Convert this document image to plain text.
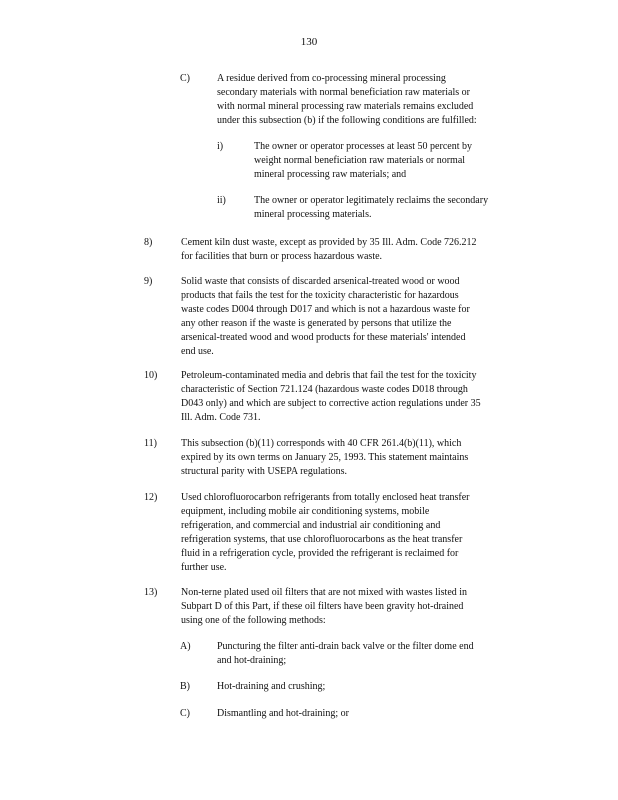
130
C)	A residue derived from co-processing mineral processing

secondary materials with normal beneficiation raw materials or

with normal mineral processing raw materials remains excluded

under this subsection (b) if the following conditions are fulfilled:

i)	The owner or operator processes at least 50 percent by

weight normal beneficiation raw materials or normal

mineral processing raw materials; and

ii)	The owner or operator legitimately reclaims the secondary

mineral processing materials.

8)	Cement kiln dust waste, except as provided by 35 Ill. Adm. Code 726.212

for facilities that burn or process hazardous waste.

9)	Solid waste that consists of discarded arsenical-treated wood or wood

products that fails the test for the toxicity characteristic for hazardous

waste codes D004 through D017 and which is not a hazardous waste for

any other reason if the waste is generated by persons that utilize the

arsenical-treated wood and wood products for these materials' intended

end use.

10) Petroleum-contaminated media and debris that fail the test for the toxicity

characteristic of Section 721.124 (hazardous waste codes D018 through

D043 only) and which are subject to corrective action regulations under 35

Ill. Adm. Code 731.

11) This subsection (b)(11) corresponds with 40 CFR 261.4(b)(11), which

expired by its own terms on January 25, 1993. This statement maintains

structural parity with USEPA regulations.

12) Used chlorofluorocarbon refrigerants from totally enclosed heat transfer

equipment, including mobile air conditioning systems, mobile

refrigeration, and commercial and industrial air conditioning and

refrigeration systems, that use chlorofluorocarbons as the heat transfer

fluid in a refrigeration cycle, provided the refrigerant is reclaimed for

further use.

13) Non-terne plated used oil filters that are not mixed with wastes listed in

Subpart D of this Part, if these oil filters have been gravity hot-drained

using one of the following methods:

A)	Puncturing the filter anti-drain back valve or the filter dome end

and hot-draining;

B)	Hot-draining and crushing;

C)	Dismantling and hot-draining; or
